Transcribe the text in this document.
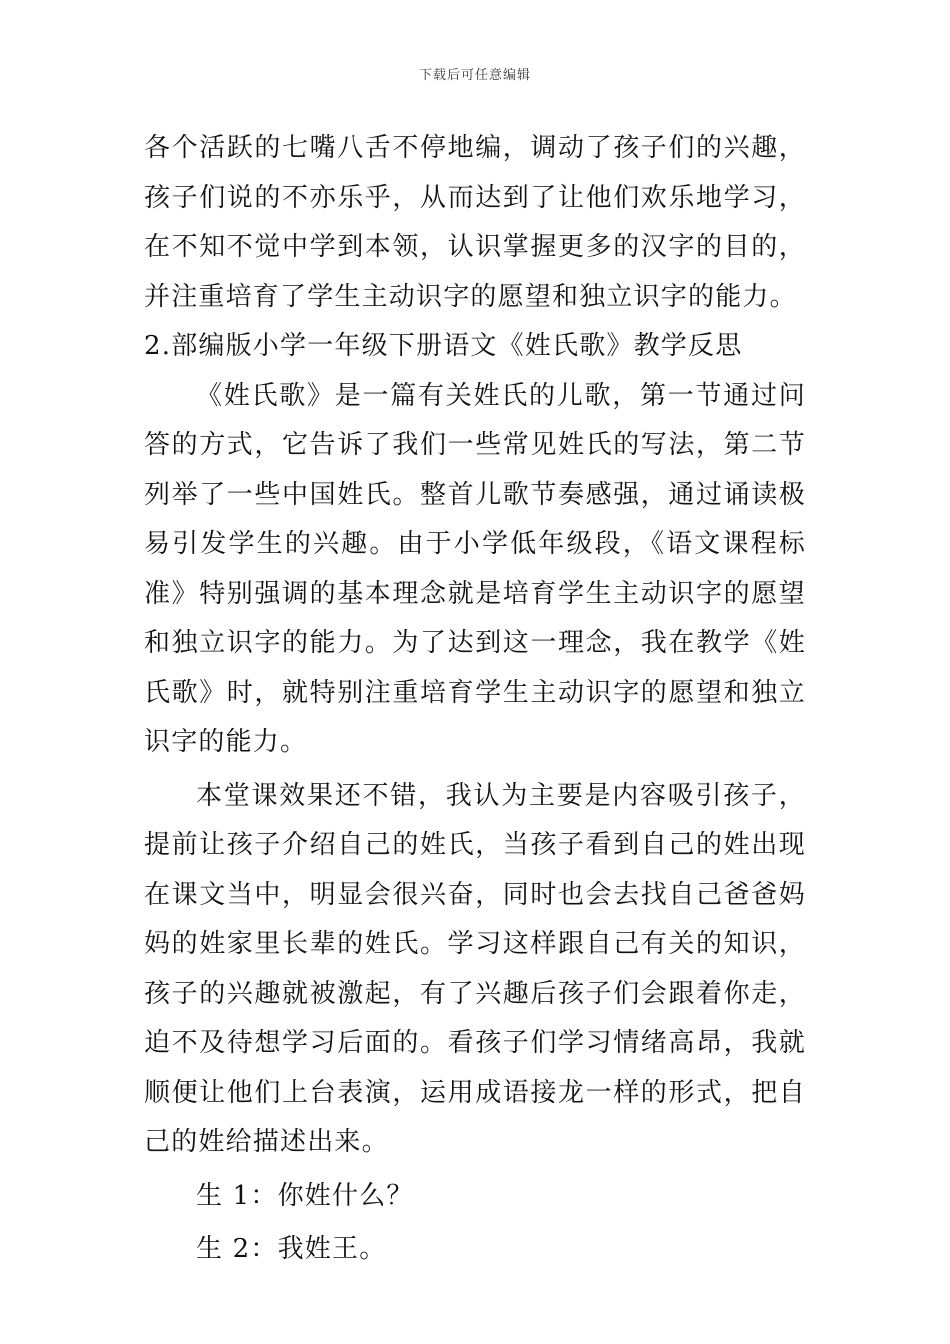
下载后可任意编辑

各个活跃的七嘴八舌不停地编，调动了孩子们的兴趣，孩子们说的不亦乐乎，从而达到了让他们欢乐地学习，在不知不觉中学到本领，认识掌握更多的汉字的目的，并注重培育了学生主动识字的愿望和独立识字的能力。

2.部编版小学一年级下册语文《姓氏歌》教学反思

《姓氏歌》是一篇有关姓氏的儿歌，第一节通过问答的方式，它告诉了我们一些常见姓氏的写法，第二节列举了一些中国姓氏。整首儿歌节奏感强，通过诵读极易引发学生的兴趣。由于小学低年级段，《语文课程标准》特别强调的基本理念就是培育学生主动识字的愿望和独立识字的能力。为了达到这一理念，我在教学《姓氏歌》时，就特别注重培育学生主动识字的愿望和独立识字的能力。

本堂课效果还不错，我认为主要是内容吸引孩子，提前让孩子介绍自己的姓氏，当孩子看到自己的姓出现在课文当中，明显会很兴奋，同时也会去找自己爸爸妈妈的姓家里长辈的姓氏。学习这样跟自己有关的知识，孩子的兴趣就被激起，有了兴趣后孩子们会跟着你走，迫不及待想学习后面的。看孩子们学习情绪高昂，我就顺便让他们上台表演，运用成语接龙一样的形式，把自己的姓给描述出来。

生 1：你姓什么？

生 2：我姓王。
